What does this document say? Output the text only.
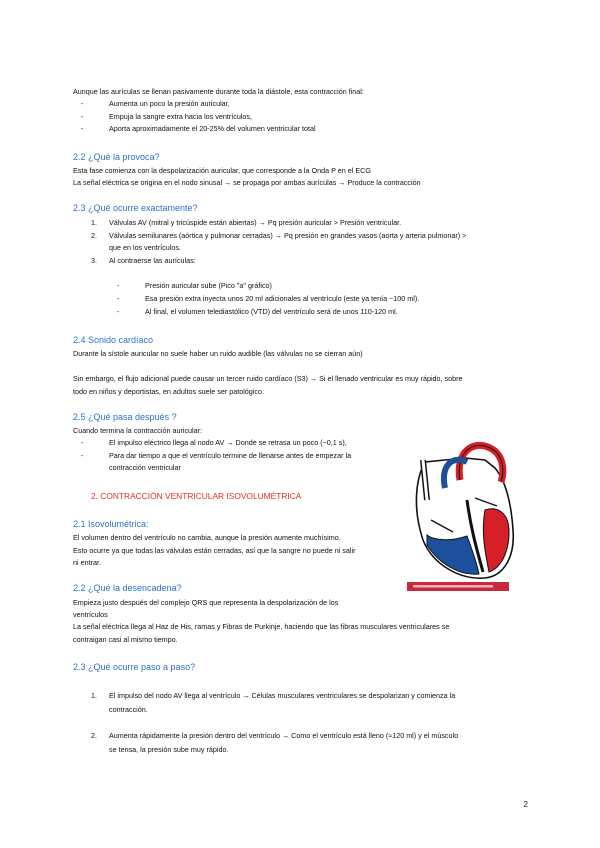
Aunque las aurículas se llenan pasivamente durante toda la diástole, esta contracción final:
- Aumenta un poco la presión auricular,
- Empuja la sangre extra hacia los ventrículos,
- Aporta aproximadamente el 20-25% del volumen ventricular total
2.2 ¿Qué la provoca?
Esta fase comienza con la despolarización auricular, que corresponde a la Onda P en el ECG
La señal eléctrica se origina en el nodo sinusal → se propaga por ambas aurículas → Produce la contracción
2.3 ¿Qué ocurre exactamente?
1. Válvulas AV (mitral y tricúspide están abiertas) → Pq presión auricular > Presión ventricular.
2. Válvulas semilunares (aórtica y pulmonar cerradas) → Pq presión en grandes vasos (aorta y arteria pulmonar) >
que en los ventrículos.
3. Al contraerse las aurículas:
- Presión auricular sube (Pico "a" gráfico)
- Esa presión extra inyecta unos 20 ml adicionales al ventrículo (este ya tenía ~100 ml).
- Al final, el volumen telediastólico (VTD) del ventrículo será de unos 110-120 ml.
2.4 Sonido cardíaco
Durante la sístole auricular no suele haber un ruido audible (las válvulas no se cierran aún)
Sin embargo, el flujo adicional puede causar un tercer ruido cardíaco (S3) → Si el llenado ventricular es muy rápido, sobre
todo en niños y deportistas, en adultos suele ser patológico.
2.5 ¿Qué pasa después ?
Cuando termina la contracción auricular:
- El impulso eléctrico llega al nodo AV → Donde se retrasa un poco (~0,1 s),
- Para dar tiempo a que el ventrículo termine de llenarse antes de empezar la
contracción ventricular
2. CONTRACCIÓN VENTRICULAR ISOVOLUMÉTRICA
2.1 Isovolumétrica:
El volumen dentro del ventrículo no cambia, aunque la presión aumente muchísimo.
Esto ocurre ya que todas las válvulas están cerradas, así que la sangre no puede ni salir
ni entrar.
2.2 ¿Qué la desencadena?
Empieza justo después del complejo QRS que representa la despolarización de los
ventrículos
La señal eléctrica llega al Haz de His, ramas y Fibras de Purkinje, haciendo que las fibras musculares ventriculares se
contraigan casi al mismo tiempo.
2.3 ¿Qué ocurre paso a paso?
1. El impulso del nodo AV llega al ventrículo → Células musculares ventriculares se despolarizan y comienza la
contracción.
2. Aumenta rápidamente la presión dentro del ventrículo → Como el ventrículo está lleno (≈120 ml) y el músculo
se tensa, la presión sube muy rápido.
2
